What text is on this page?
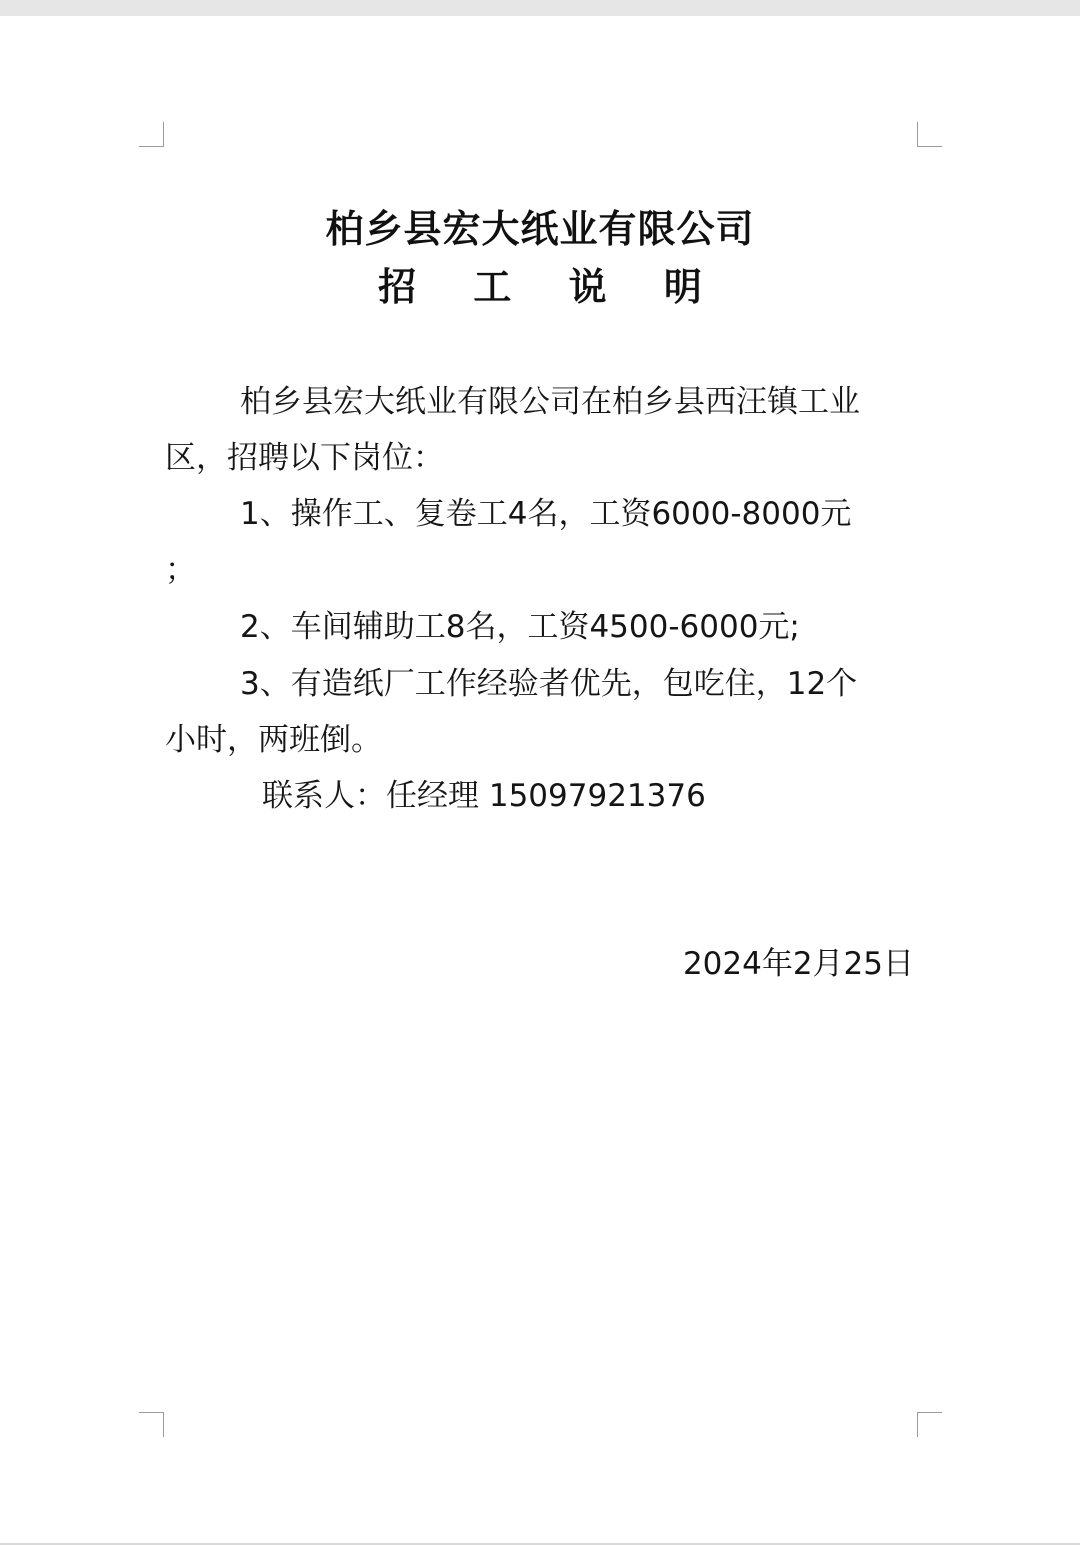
柏乡县宏大纸业有限公司
招 工 说 明
柏乡县宏大纸业有限公司在柏乡县西汪镇工业
区，招聘以下岗位：
1、操作工、复卷工4名，工资6000-8000元
；
2、车间辅助工8名，工资4500-6000元;
3、有造纸厂工作经验者优先，包吃住，12个
小时，两班倒。
联系人：任经理 15097921376
2024年2月25日
